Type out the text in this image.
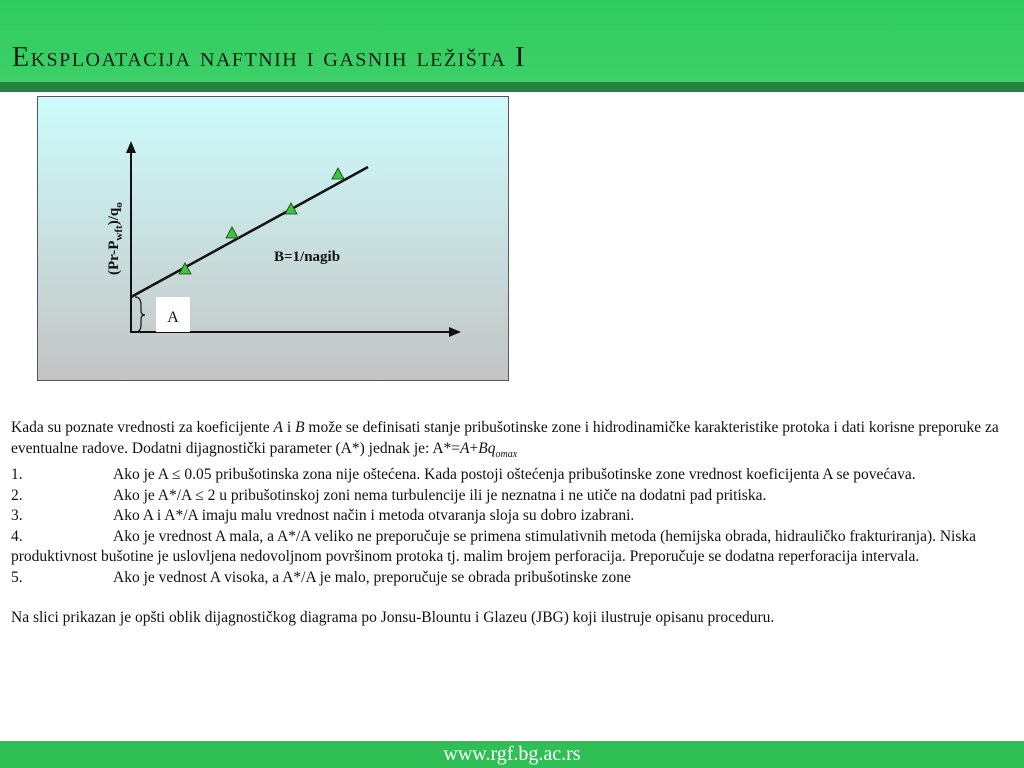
Eksploatacija naftnih i gasnih ležišta I
A
B=1/nagib
$(Pr-P_{wft})/q_o$

Kada su poznate vrednosti za koeficijente A i B može se definisati stanje pribušotinske zone i hidrodinamičke karakteristike protoka i dati korisne preporuke za eventualne radove. Dodatni dijagnostički parameter (A*) jednak je: $A*=A+Bq_{omax}$

1.	Ako je A ≤ 0.05 pribušotinska zona nije oštećena. Kada postoji oštećenja pribušotinske zone vrednost koeficijenta A se povećava.

2.	Ako je A*/A ≤ 2 u pribušotinskoj zoni nema turbulencije ili je neznatna i ne utiče na dodatni pad pritiska.

3.	Ako A i A*/A imaju malu vrednost način i metoda otvaranja sloja su dobro izabrani.

4.	Ako je vrednost A mala, a A*/A veliko ne preporučuje se primena stimulativnih metoda (hemijska obrada, hidrauličko frakturiranja). Niska produktivnost bušotine je uslovljena nedovoljnom površinom protoka tj. malim brojem perforacija. Preporučuje se dodatna reperforacija intervala.

5.	Ako je vednost A visoka, a A*/A je malo, preporučuje se obrada pribušotinske zone

Na slici prikazan je opšti oblik dijagnostičkog diagrama po Jonsu-Blountu i Glazeu (JBG) koji ilustruje opisanu proceduru.

www.rgf.bg.ac.rs
